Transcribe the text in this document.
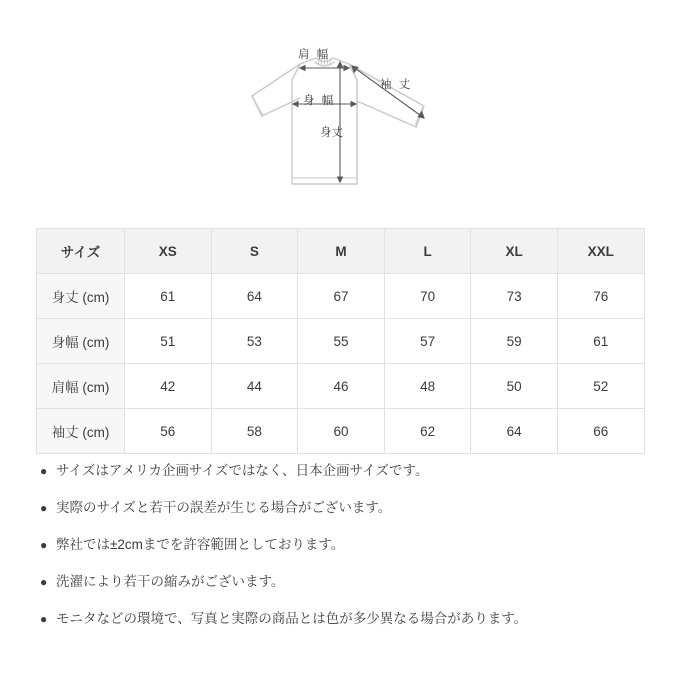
肩 幅
身 幅
身丈
袖 丈
サイズ	XS	S	M	L	XL	XXL
身丈 (cm)	61	64	67	70	73	76
身幅 (cm)	51	53	55	57	59	61
肩幅 (cm)	42	44	46	48	50	52
袖丈 (cm)	56	58	60	62	64	66
● サイズはアメリカ企画サイズではなく、日本企画サイズです。
● 実際のサイズと若干の誤差が生じる場合がございます。
● 弊社では±2cmまでを許容範囲としております。
● 洗濯により若干の縮みがございます。
● モニタなどの環境で、写真と実際の商品とは色が多少異なる場合があります。
